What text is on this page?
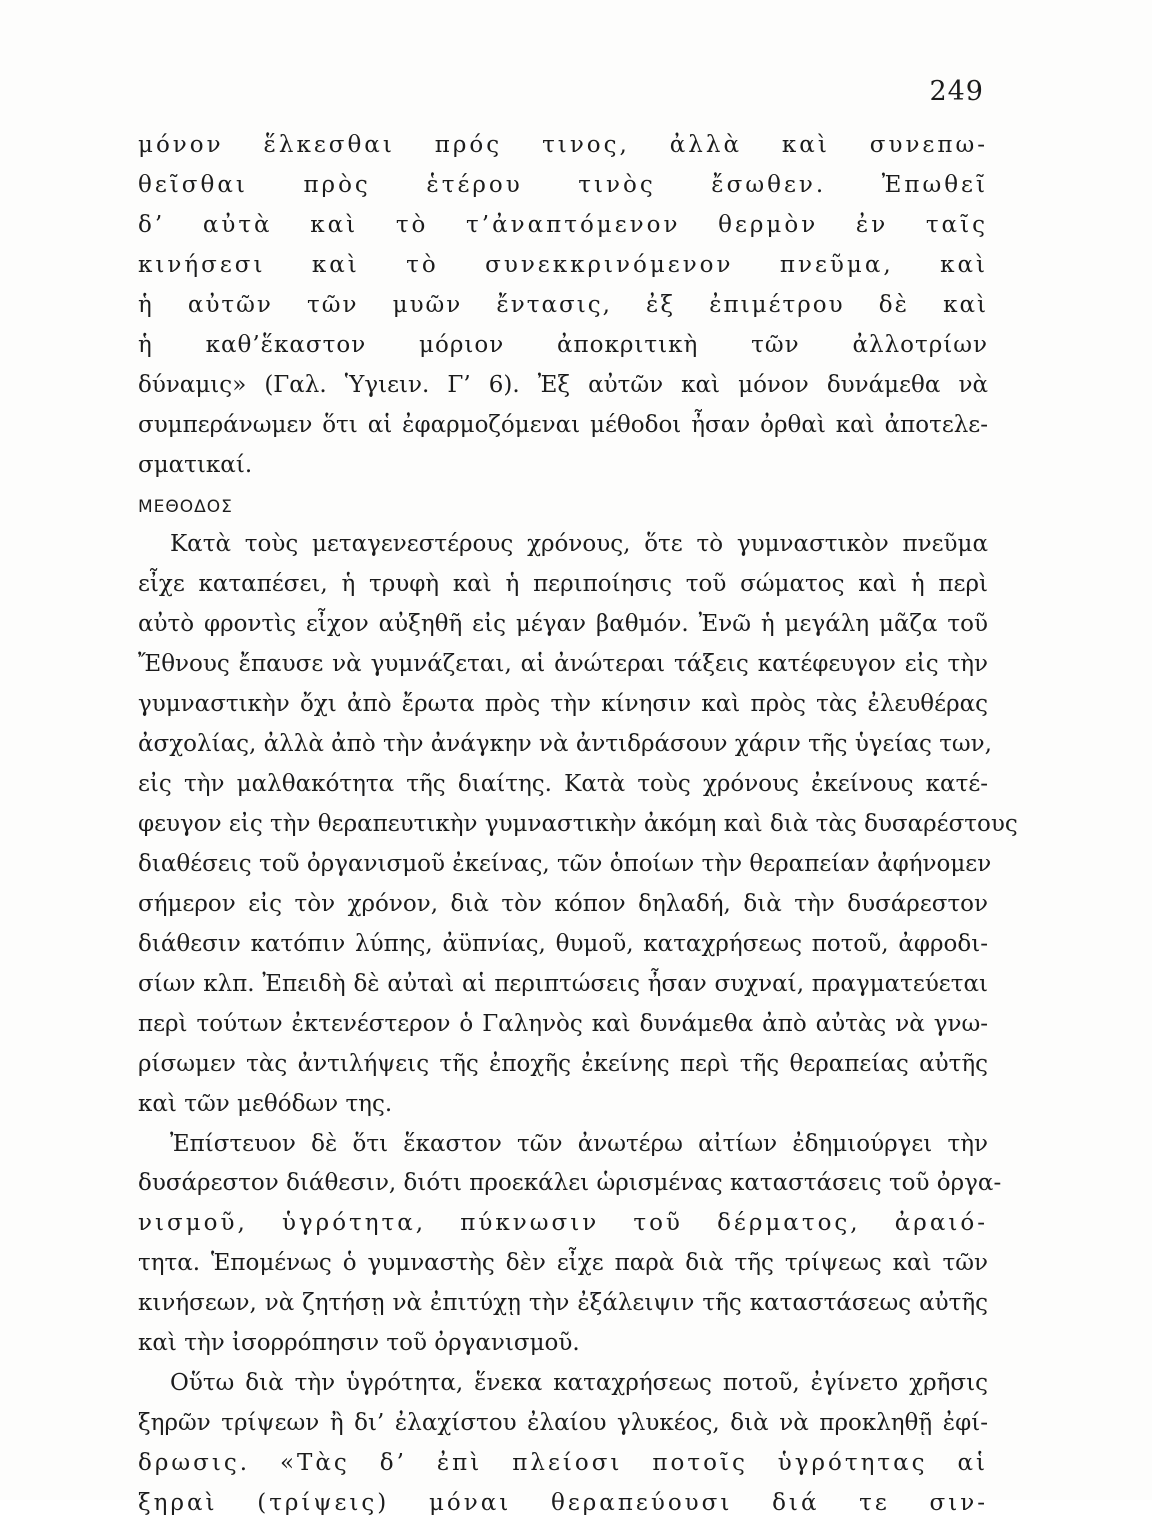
249
μόνον ἕλκεσθαι πρός τινος, ἀλλὰ καὶ συνεπω-
θεῖσθαι πρὸς ἑτέρου τινὸς ἔσωθεν. Ἐπωθεῖ
δ’ αὐτὰ καὶ τὸ τ’ἀναπτόμενον θερμὸν ἐν ταῖς
κινήσεσι καὶ τὸ συνεκκρινόμενον πνεῦμα, καὶ
ἡ αὐτῶν τῶν μυῶν ἔντασις, ἐξ ἐπιμέτρου δὲ καὶ
ἡ καθ’ἕκαστον μόριον ἀποκριτικὴ τῶν ἀλλοτρίων
δύναμις» (Γαλ. Ὑγιειν. Γ’ 6). Ἐξ αὐτῶν καὶ μόνον δυνάμεθα νὰ
συμπεράνωμεν ὅτι αἱ ἐφαρμοζόμεναι μέθοδοι ἦσαν ὀρθαὶ καὶ ἀποτελε-
σματικαί.
ΜΕΘΟΔΟΣ
Κατὰ τοὺς μεταγενεστέρους χρόνους, ὅτε τὸ γυμναστικὸν πνεῦμα
εἶχε καταπέσει, ἡ τρυφὴ καὶ ἡ περιποίησις τοῦ σώματος καὶ ἡ περὶ
αὐτὸ φροντὶς εἶχον αὐξηθῆ εἰς μέγαν βαθμόν. Ἐνῶ ἡ μεγάλη μᾶζα τοῦ
Ἔθνους ἔπαυσε νὰ γυμνάζεται, αἱ ἀνώτεραι τάξεις κατέφευγον εἰς τὴν
γυμναστικὴν ὄχι ἀπὸ ἔρωτα πρὸς τὴν κίνησιν καὶ πρὸς τὰς ἐλευθέρας
ἀσχολίας, ἀλλὰ ἀπὸ τὴν ἀνάγκην νὰ ἀντιδράσουν χάριν τῆς ὑγείας των,
εἰς τὴν μαλθακότητα τῆς διαίτης. Κατὰ τοὺς χρόνους ἐκείνους κατέ-
φευγον εἰς τὴν θεραπευτικὴν γυμναστικὴν ἀκόμη καὶ διὰ τὰς δυσαρέστους
διαθέσεις τοῦ ὀργανισμοῦ ἐκείνας, τῶν ὁποίων τὴν θεραπείαν ἀφήνομεν
σήμερον εἰς τὸν χρόνον, διὰ τὸν κόπον δηλαδή, διὰ τὴν δυσάρεστον
διάθεσιν κατόπιν λύπης, ἀϋπνίας, θυμοῦ, καταχρήσεως ποτοῦ, ἀφροδι-
σίων κλπ. Ἐπειδὴ δὲ αὐταὶ αἱ περιπτώσεις ἦσαν συχναί, πραγματεύεται
περὶ τούτων ἐκτενέστερον ὁ Γαληνὸς καὶ δυνάμεθα ἀπὸ αὐτὰς νὰ γνω-
ρίσωμεν τὰς ἀντιλήψεις τῆς ἐποχῆς ἐκείνης περὶ τῆς θεραπείας αὐτῆς
καὶ τῶν μεθόδων της.
Ἐπίστευον δὲ ὅτι ἕκαστον τῶν ἀνωτέρω αἰτίων ἐδημιούργει τὴν
δυσάρεστον διάθεσιν, διότι προεκάλει ὡρισμένας καταστάσεις τοῦ ὀργα-
νισμοῦ, ὑγρότητα, πύκνωσιν τοῦ δέρματος, ἀραιό-
τητα. Ἑπομένως ὁ γυμναστὴς δὲν εἶχε παρὰ διὰ τῆς τρίψεως καὶ τῶν
κινήσεων, νὰ ζητήσῃ νὰ ἐπιτύχῃ τὴν ἐξάλειψιν τῆς καταστάσεως αὐτῆς
καὶ τὴν ἰσορρόπησιν τοῦ ὀργανισμοῦ.
Οὕτω διὰ τὴν ὑγρότητα, ἕνεκα καταχρήσεως ποτοῦ, ἐγίνετο χρῆσις
ξηρῶν τρίψεων ἢ δι’ ἐλαχίστου ἐλαίου γλυκέος, διὰ νὰ προκληθῇ ἐφί-
δρωσις. «Τὰς δ’ ἐπὶ πλείοσι ποτοῖς ὑγρότητας αἱ
ξηραὶ (τρίψεις) μόναι θεραπεύουσι διά τε σιν-
